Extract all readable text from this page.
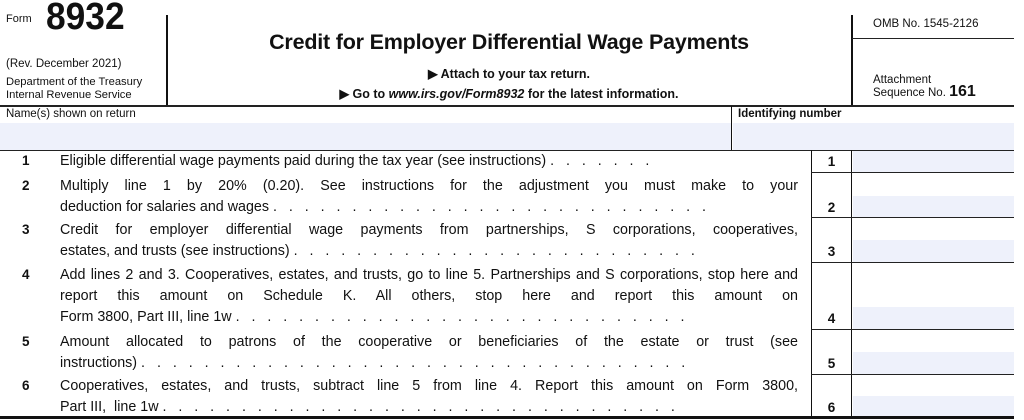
Form 8932
(Rev. December 2021)
Department of the Treasury
Internal Revenue Service
Credit for Employer Differential Wage Payments
▶ Attach to your tax return.
▶ Go to www.irs.gov/Form8932 for the latest information.
OMB No. 1545-2126
Attachment
Sequence No. 161
Name(s) shown on return	Identifying number
1 Eligible differential wage payments paid during the tax year (see instructions) .   .   .   .   .   .   .	1
2 Multiply line 1 by 20% (0.20). See instructions for the adjustment you must make to your
deduction for salaries and wages .   .   .   .   .   .   .   .   .   .   .   .   .   .   .   .   .   .   .   .   .   .   .   .   .   .   .   .	2
3 Credit for employer differential wage payments from partnerships, S corporations, cooperatives,
estates, and trusts (see instructions) .   .   .   .   .   .   .   .   .   .   .   .   .   .   .   .   .   .   .   .   .   .   .   .   .   .	3
4 Add lines 2 and 3. Cooperatives, estates, and trusts, go to line 5. Partnerships and S corporations, stop here and report this amount on Schedule K. All others, stop here and report this amount on
Form 3800, Part III, line 1w .   .   .   .   .   .   .   .   .   .   .   .   .   .   .   .   .   .   .   .   .   .   .   .   .   .   .   .   .	4
5 Amount allocated to patrons of the cooperative or beneficiaries of the estate or trust (see
instructions) .   .   .   .   .   .   .   .   .   .   .   .   .   .   .   .   .   .   .   .   .   .   .   .   .   .   .   .   .   .   .   .   .   .   .	5
6 Cooperatives, estates, and trusts, subtract line 5 from line 4. Report this amount on Form 3800,
Part III,  line 1w .   .   .   .   .   .   .   .   .   .   .   .   .   .   .   .   .   .   .   .   .   .   .   .   .   .   .   .   .   .   .   .   .	6
